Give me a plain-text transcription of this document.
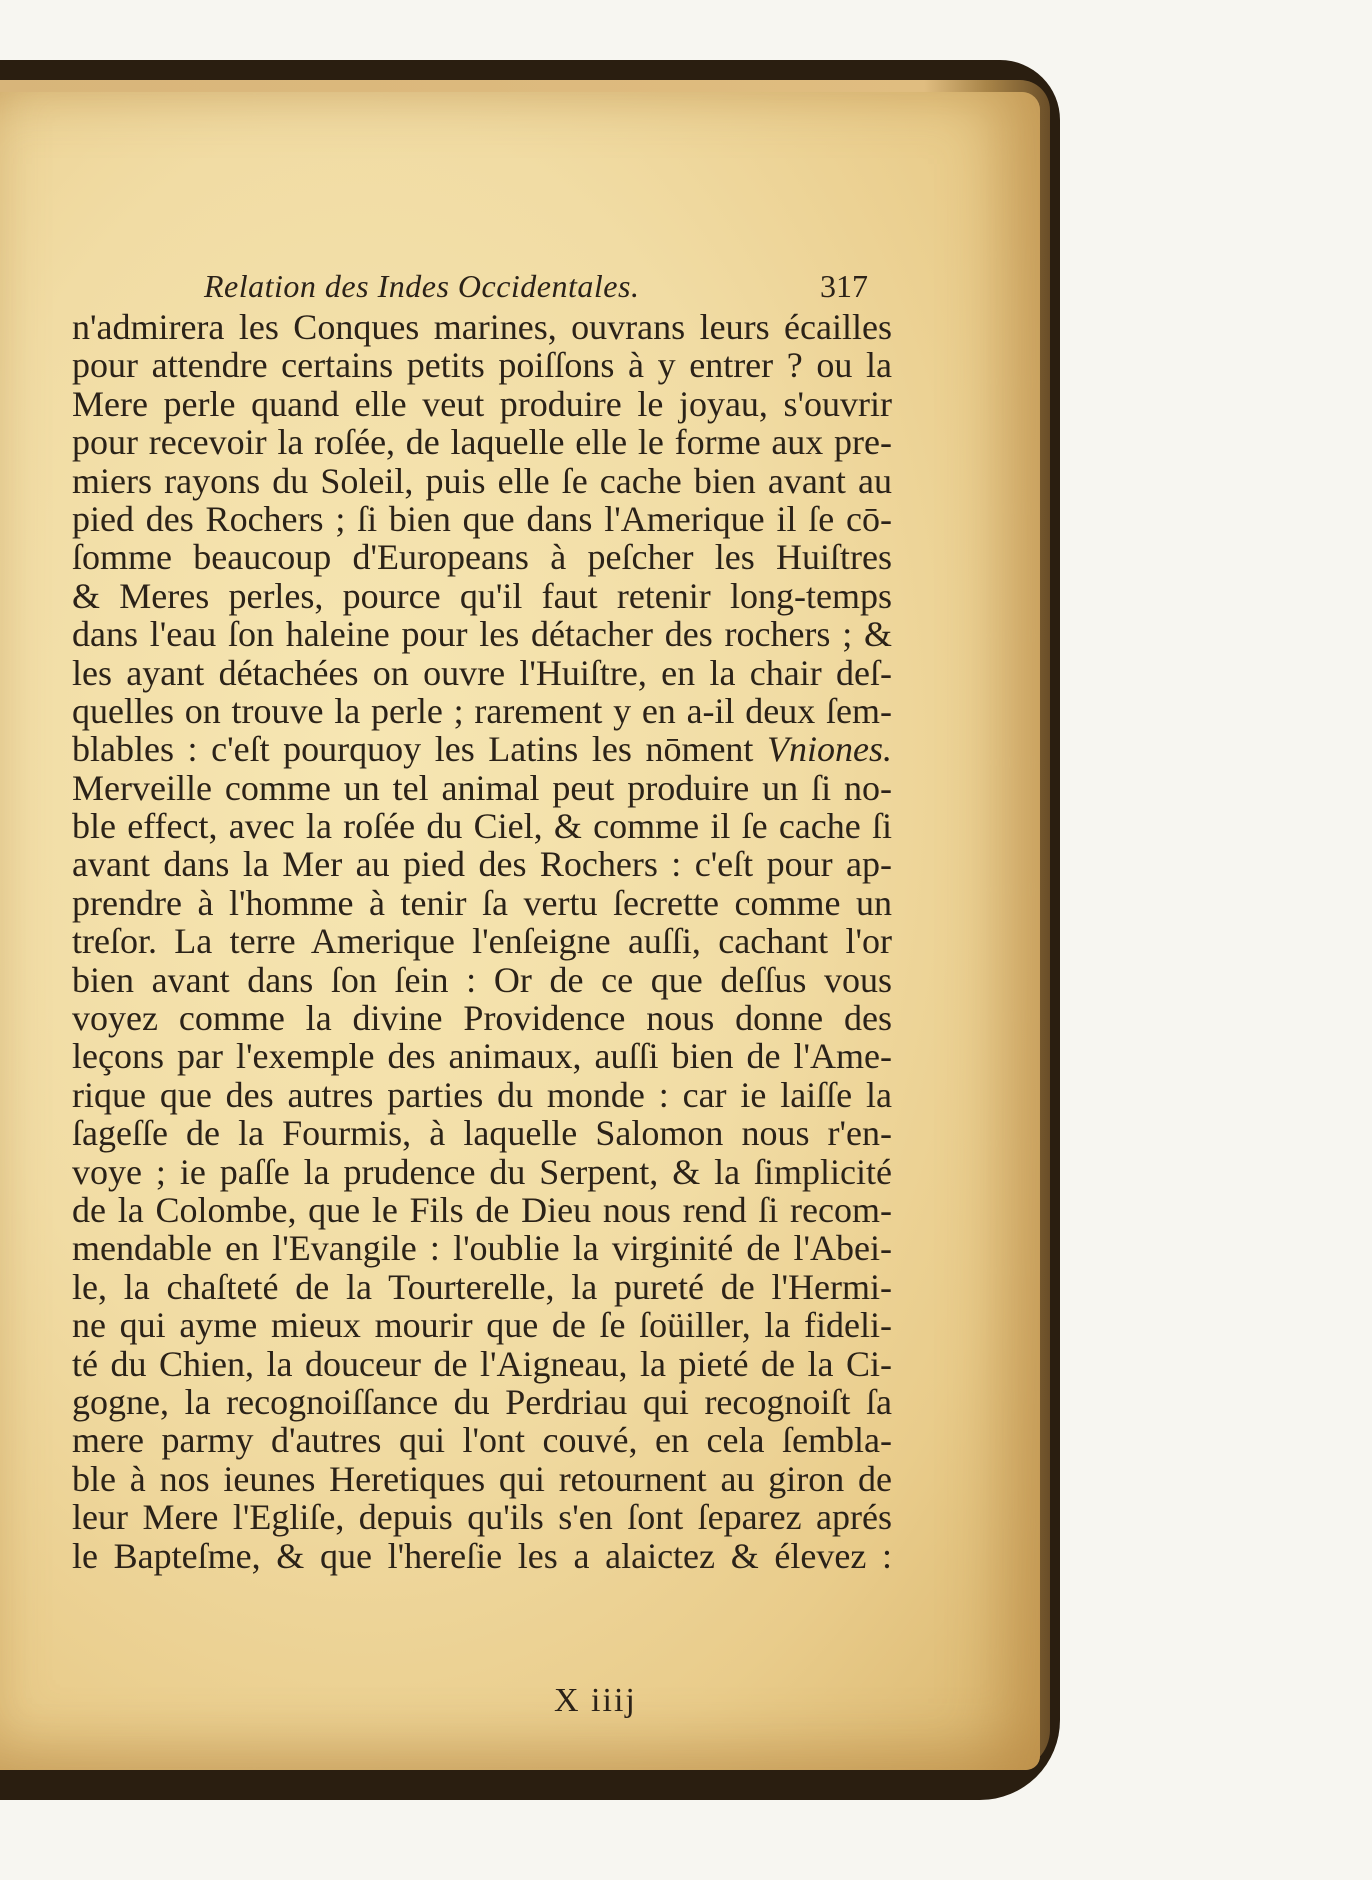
Relation des Indes Occidentales.	317
n'admirera les Conques marines, ouvrans leurs écailles
pour attendre certains petits poiſſons à y entrer ? ou la
Mere perle quand elle veut produire le joyau, s'ouvrir
pour recevoir la roſée, de laquelle elle le forme aux pre-
miers rayons du Soleil, puis elle ſe cache bien avant au
pied des Rochers ; ſi bien que dans l'Amerique il ſe cō-
ſomme beaucoup d'Europeans à peſcher les Huiſtres
& Meres perles, pource qu'il faut retenir long-temps
dans l'eau ſon haleine pour les détacher des rochers ; &
les ayant détachées on ouvre l'Huiſtre, en la chair deſ-
quelles on trouve la perle ; rarement y en a-il deux ſem-
blables : c'eſt pourquoy les Latins les nōment Vniones.
Merveille comme un tel animal peut produire un ſi no-
ble effect, avec la roſée du Ciel, & comme il ſe cache ſi
avant dans la Mer au pied des Rochers : c'eſt pour ap-
prendre à l'homme à tenir ſa vertu ſecrette comme un
treſor. La terre Amerique l'enſeigne auſſi, cachant l'or
bien avant dans ſon ſein : Or de ce que deſſus vous
voyez comme la divine Providence nous donne des
leçons par l'exemple des animaux, auſſi bien de l'Ame-
rique que des autres parties du monde : car ie laiſſe la
ſageſſe de la Fourmis, à laquelle Salomon nous r'en-
voye ; ie paſſe la prudence du Serpent, & la ſimplicité
de la Colombe, que le Fils de Dieu nous rend ſi recom-
mendable en l'Evangile : l'oublie la virginité de l'Abei-
le, la chaſteté de la Tourterelle, la pureté de l'Hermi-
ne qui ayme mieux mourir que de ſe ſoüiller, la fideli-
té du Chien, la douceur de l'Aigneau, la pieté de la Ci-
gogne, la recognoiſſance du Perdriau qui recognoiſt ſa
mere parmy d'autres qui l'ont couvé, en cela ſembla-
ble à nos ieunes Heretiques qui retournent au giron de
leur Mere l'Egliſe, depuis qu'ils s'en ſont ſeparez aprés
le Bapteſme, & que l'hereſie les a alaictez & élevez :
X iiij
